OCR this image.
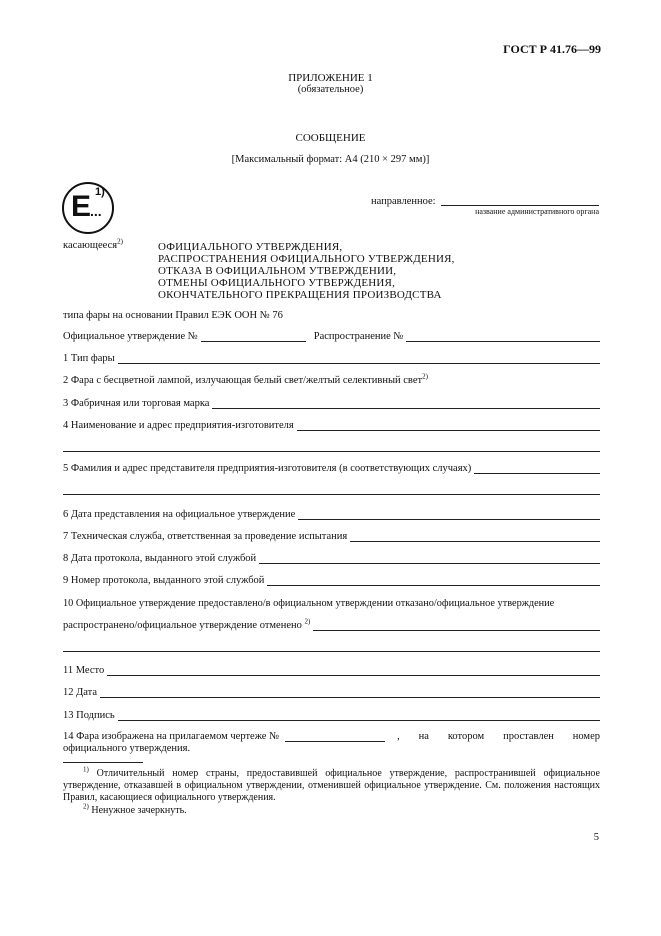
ГОСТ Р 41.76—99
ПРИЛОЖЕНИЕ 1
(обязательное)
СООБЩЕНИЕ
[Максимальный формат: А4 (210 × 297 мм)]
E
...
1)
направленное:
название административного органа
касающееся$^{2)}$	ОФИЦИАЛЬНОГО УТВЕРЖДЕНИЯ,
РАСПРОСТРАНЕНИЯ ОФИЦИАЛЬНОГО УТВЕРЖДЕНИЯ,
ОТКАЗА В ОФИЦИАЛЬНОМ УТВЕРЖДЕНИИ,
ОТМЕНЫ ОФИЦИАЛЬНОГО УТВЕРЖДЕНИЯ,
ОКОНЧАТЕЛЬНОГО ПРЕКРАЩЕНИЯ ПРОИЗВОДСТВА
типа фары на основании Правил ЕЭК ООН № 76
Официальное утверждение №	Распространение №
1 Тип фары
2 Фара с бесцветной лампой, излучающая белый свет/желтый селективный свет$^{2)}$
3 Фабричная или торговая марка
4 Наименование и адрес предприятия-изготовителя
5 Фамилия и адрес представителя предприятия-изготовителя (в соответствующих случаях)
6 Дата представления на официальное утверждение
7 Техническая служба, ответственная за проведение испытания
8 Дата протокола, выданного этой службой
9 Номер протокола, выданного этой службой
10 Официальное утверждение предоставлено/в официальном утверждении отказано/официальное утверждение
распространено/официальное утверждение отменено $^{2)}$
11 Место
12 Дата
13 Подпись
14 Фара изображена на прилагаемом чертеже №	, на котором проставлен номер
официального утверждения.
$^{1)}$ Отличительный номер страны, предоставившей официальное утверждение, распространившей официальное утверждение, отказавшей в официальном утверждении, отменившей официальное утверждение. См. положения настоящих Правил, касающиеся официального утверждения.
$^{2)}$ Ненужное зачеркнуть.
5
